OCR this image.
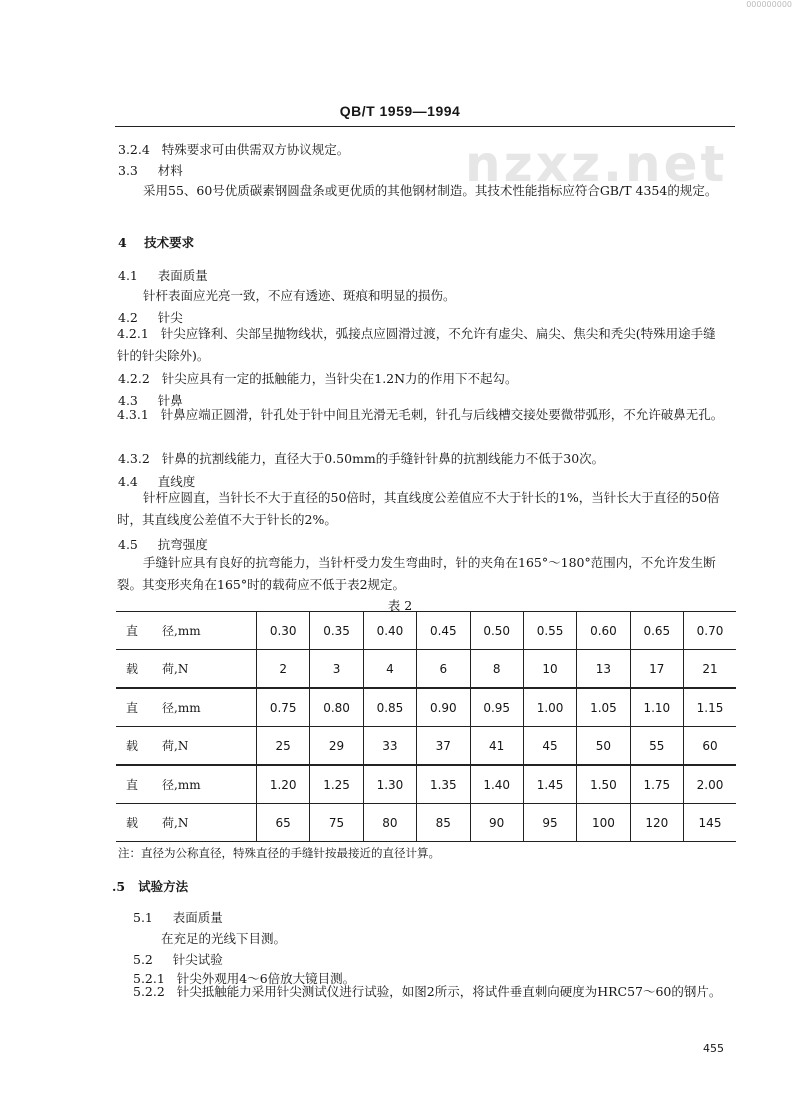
000000000
nzxz.net
QB/T 1959—1994
3.2.4 特殊要求可由供需双方协议规定。
3.3 材料
采用55、60号优质碳素钢圆盘条或更优质的其他钢材制造。其技术性能指标应符合GB/T 4354的规定。
4 技术要求
4.1 表面质量
针杆表面应光亮一致，不应有透迹、斑痕和明显的损伤。
4.2 针尖
4.2.1 针尖应锋利、尖部呈抛物线状，弧接点应圆滑过渡，不允许有虚尖、扁尖、焦尖和秃尖(特殊用途手缝针的针尖除外)。
4.2.2 针尖应具有一定的抵触能力，当针尖在1.2N力的作用下不起勾。
4.3 针鼻
4.3.1 针鼻应端正圆滑，针孔处于针中间且光滑无毛刺，针孔与后线槽交接处要微带弧形，不允许破鼻无孔。
4.3.2 针鼻的抗割线能力，直径大于0.50mm的手缝针针鼻的抗割线能力不低于30次。
4.4 直线度
针杆应圆直，当针长不大于直径的50倍时，其直线度公差值应不大于针长的1%，当针长大于直径的50倍时，其直线度公差值不大于针长的2%。
4.5 抗弯强度
手缝针应具有良好的抗弯能力，当针杆受力发生弯曲时，针的夹角在165°～180°范围内，不允许发生断裂。其变形夹角在165°时的载荷应不低于表2规定。
表 2
直　　径,mm	0.30	0.35	0.40	0.45	0.50	0.55	0.60	0.65	0.70
载　　荷,N	2	3	4	6	8	10	13	17	21
直　　径,mm	0.75	0.80	0.85	0.90	0.95	1.00	1.05	1.10	1.15
载　　荷,N	25	29	33	37	41	45	50	55	60
直　　径,mm	1.20	1.25	1.30	1.35	1.40	1.45	1.50	1.75	2.00
载　　荷,N	65	75	80	85	90	95	100	120	145
注：直径为公称直径，特殊直径的手缝针按最接近的直径计算。
.5 试验方法
5.1 表面质量
在充足的光线下目测。
5.2 针尖试验
5.2.1 针尖外观用4～6倍放大镜目测。
5.2.2 针尖抵触能力采用针尖测试仪进行试验，如图2所示，将试件垂直刺向硬度为HRC57～60的钢片。
455
